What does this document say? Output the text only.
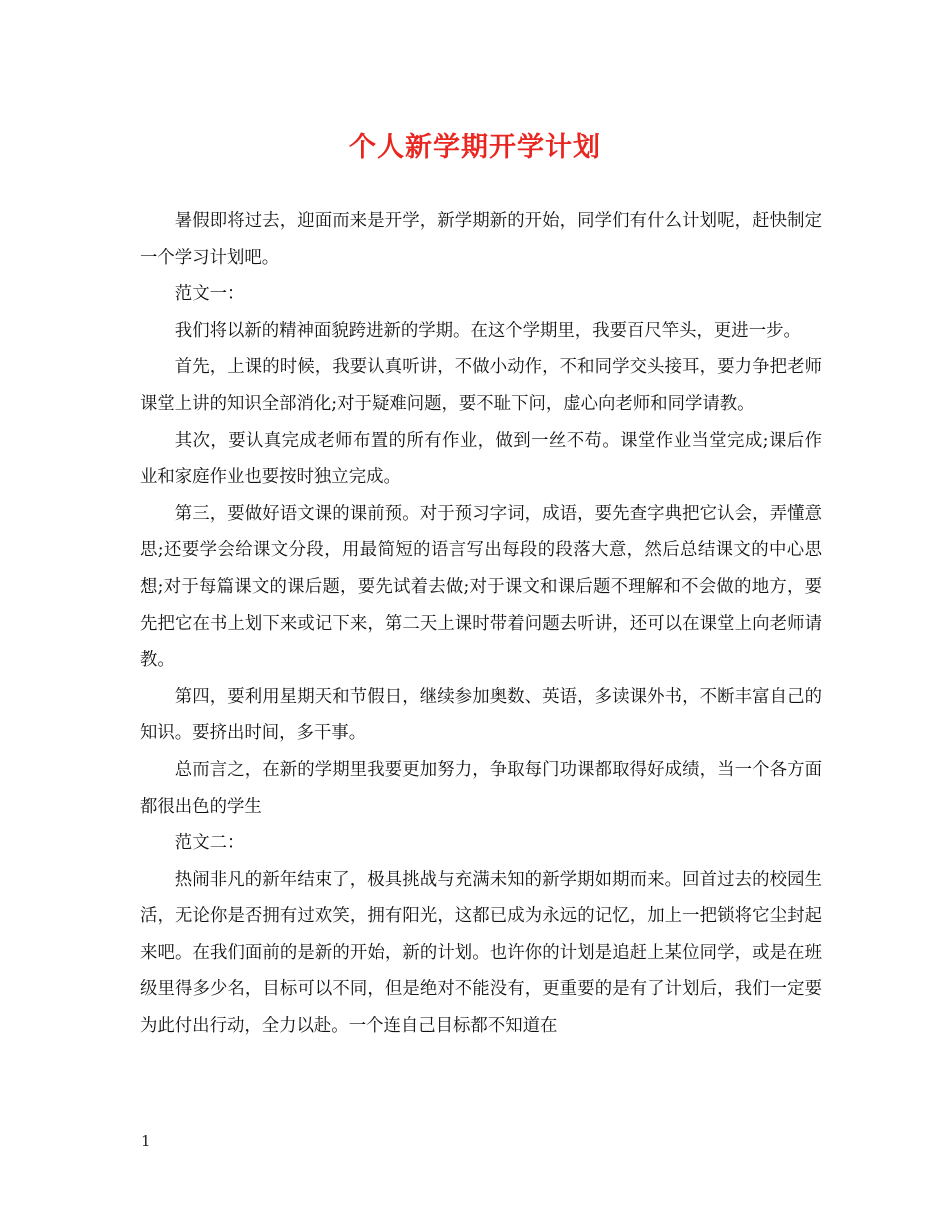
个人新学期开学计划

暑假即将过去，迎面而来是开学，新学期新的开始，同学们有什么计划呢，赶快制定一个学习计划吧。

范文一：

我们将以新的精神面貌跨进新的学期。在这个学期里，我要百尺竿头，更进一步。

首先，上课的时候，我要认真听讲，不做小动作，不和同学交头接耳，要力争把老师课堂上讲的知识全部消化;对于疑难问题，要不耻下问，虚心向老师和同学请教。

其次，要认真完成老师布置的所有作业，做到一丝不苟。课堂作业当堂完成;课后作业和家庭作业也要按时独立完成。

第三，要做好语文课的课前预。对于预习字词，成语，要先查字典把它认会，弄懂意思;还要学会给课文分段，用最简短的语言写出每段的段落大意，然后总结课文的中心思想;对于每篇课文的课后题，要先试着去做;对于课文和课后题不理解和不会做的地方，要先把它在书上划下来或记下来，第二天上课时带着问题去听讲，还可以在课堂上向老师请教。

第四，要利用星期天和节假日，继续参加奥数、英语，多读课外书，不断丰富自己的知识。要挤出时间，多干事。

总而言之，在新的学期里我要更加努力，争取每门功课都取得好成绩，当一个各方面都很出色的学生

范文二：

热闹非凡的新年结束了，极具挑战与充满未知的新学期如期而来。回首过去的校园生活，无论你是否拥有过欢笑，拥有阳光，这都已成为永远的记忆，加上一把锁将它尘封起来吧。在我们面前的是新的开始，新的计划。也许你的计划是追赶上某位同学，或是在班级里得多少名，目标可以不同，但是绝对不能没有，更重要的是有了计划后，我们一定要为此付出行动，全力以赴。一个连自己目标都不知道在

1
